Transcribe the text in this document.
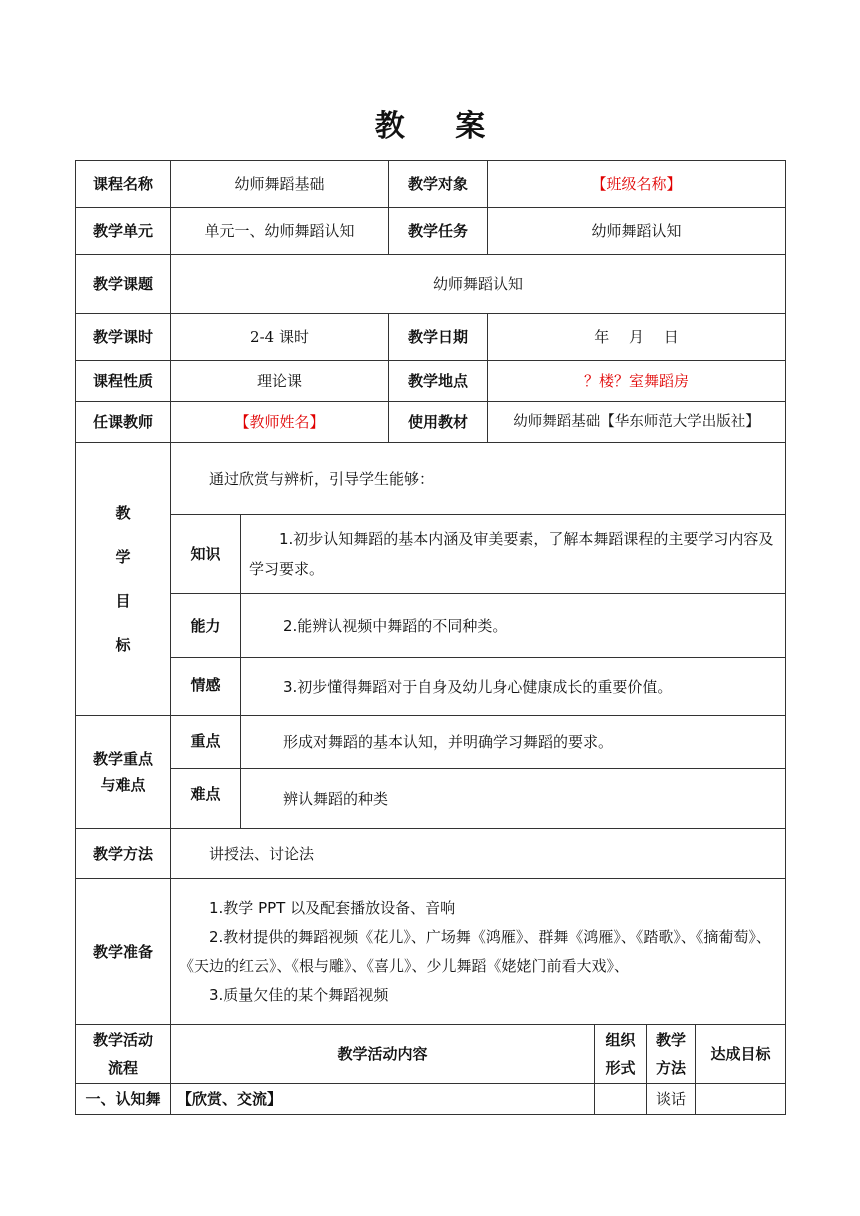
教 案
课程名称	幼师舞蹈基础		教学对象	【班级名称】			
教学单元	单元一、幼师舞蹈认知		教学任务	幼师舞蹈认知			
教学课题	幼师舞蹈认知						
教学课时	2-4 课时		教学日期	年　 月　 日			
课程性质	理论课		教学地点	？楼？室舞蹈房			
任课教师	【教师姓名】		使用教材	幼师舞蹈基础【华东师范大学出版社】			

教
学
目
标	通过欣赏与辨析，引导学生能够：						
	知识	1.初步认知舞蹈的基本内涵及审美要素，了解本舞蹈课程的主要学习内容及学习要求。					
	能力	2.能辨认视频中舞蹈的不同种类。					
	情感	3.初步懂得舞蹈对于自身及幼儿身心健康成长的重要价值。					
教学重点与难点	重点	形成对舞蹈的基本认知，并明确学习舞蹈的要求。					
	难点	辨认舞蹈的种类					
教学方法	讲授法、讨论法						
教学准备	1.教学 PPT 以及配套播放设备、音响
2.教材提供的舞蹈视频《花儿》、广场舞《鸿雁》、群舞《鸿雁》、《踏歌》、《摘葡萄》、《天边的红云》、《根与雕》、《喜儿》、少儿舞蹈《姥姥门前看大戏》、
3.质量欠佳的某个舞蹈视频						

教学活动流程	教学活动内容				组织形式	教学方法	达成目标
一、认知舞	【欣赏、交流】					谈话	
